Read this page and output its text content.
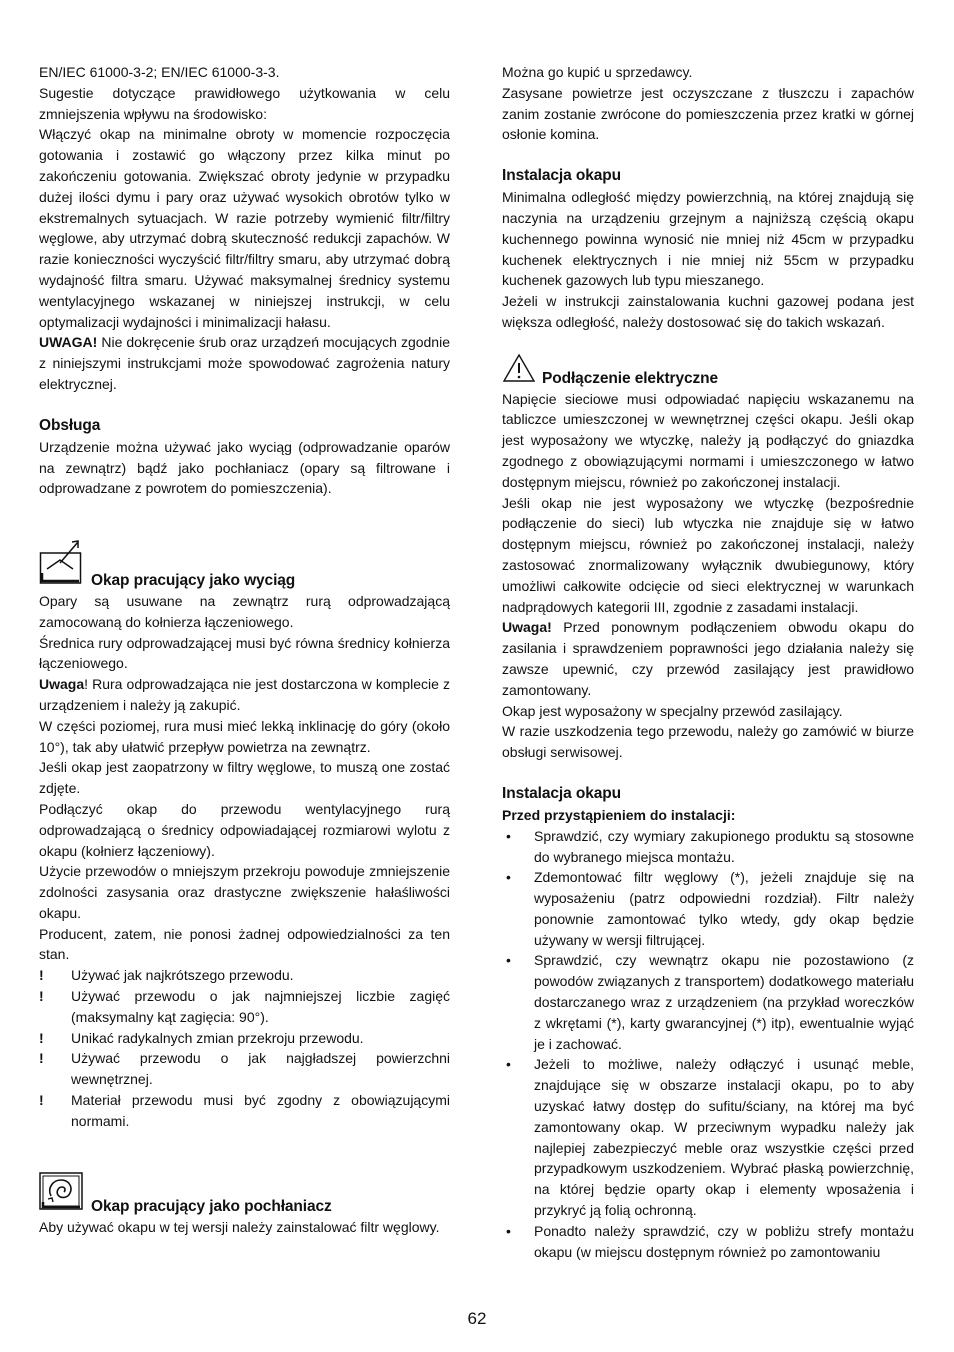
EN/IEC 61000-3-2; EN/IEC 61000-3-3.

Sugestie dotyczące prawidłowego użytkowania w celu zmniejszenia wpływu na środowisko:

Włączyć okap na minimalne obroty w momencie rozpoczęcia gotowania i zostawić go włączony przez kilka minut po zakończeniu gotowania. Zwiększać obroty jedynie w przypadku dużej ilości dymu i pary oraz używać wysokich obrotów tylko w ekstremalnych sytuacjach. W razie potrzeby wymienić filtr/filtry węglowe, aby utrzymać dobrą skuteczność redukcji zapachów. W razie konieczności wyczyścić filtr/filtry smaru, aby utrzymać dobrą wydajność filtra smaru. Używać maksymalnej średnicy systemu wentylacyjnego wskazanej w niniejszej instrukcji, w celu optymalizacji wydajności i minimalizacji hałasu.

UWAGA! Nie dokręcenie śrub oraz urządzeń mocujących zgodnie z niniejszymi instrukcjami może spowodować zagrożenia natury elektrycznej.

Obsługa

Urządzenie można używać jako wyciąg (odprowadzanie oparów na zewnątrz) bądź jako pochłaniacz (opary są filtrowane i odprowadzane z powrotem do pomieszczenia).

Okap pracujący jako wyciąg

Opary są usuwane na zewnątrz rurą odprowadzającą zamocowaną do kołnierza łączeniowego.

Średnica rury odprowadzającej musi być równa średnicy kołnierza łączeniowego.

Uwaga! Rura odprowadzająca nie jest dostarczona w komplecie z urządzeniem i należy ją zakupić.

W części poziomej, rura musi mieć lekką inklinację do góry (około 10°), tak aby ułatwić przepływ powietrza na zewnątrz.

Jeśli okap jest zaopatrzony w filtry węglowe, to muszą one zostać zdjęte.

Podłączyć okap do przewodu wentylacyjnego rurą odprowadzającą o średnicy odpowiadającej rozmiarowi wylotu z okapu (kołnierz łączeniowy).

Użycie przewodów o mniejszym przekroju powoduje zmniejszenie zdolności zasysania oraz drastyczne zwiększenie hałaśliwości okapu.

Producent, zatem, nie ponosi żadnej odpowiedzialności za ten stan.

! Używać jak najkrótszego przewodu.
! Używać przewodu o jak najmniejszej liczbie zagięć (maksymalny kąt zagięcia: 90°).
! Unikać radykalnych zmian przekroju przewodu.
! Używać przewodu o jak najgładszej powierzchni wewnętrznej.
! Materiał przewodu musi być zgodny z obowiązującymi normami.
Okap pracujący jako pochłaniacz

Aby używać okapu w tej wersji należy zainstalować filtr węglowy.

Można go kupić u sprzedawcy.

Zasysane powietrze jest oczyszczane z tłuszczu i zapachów zanim zostanie zwrócone do pomieszczenia przez kratki w górnej osłonie komina.

Instalacja okapu

Minimalna odległość między powierzchnią, na której znajdują się naczynia na urządzeniu grzejnym a najniższą częścią okapu kuchennego powinna wynosić nie mniej niż 45cm w przypadku kuchenek elektrycznych i nie mniej niż 55cm w przypadku kuchenek gazowych lub typu mieszanego.

Jeżeli w instrukcji zainstalowania kuchni gazowej podana jest większa odległość, należy dostosować się do takich wskazań.

Podłączenie elektryczne

Napięcie sieciowe musi odpowiadać napięciu wskazanemu na tabliczce umieszczonej w wewnętrznej części okapu. Jeśli okap jest wyposażony we wtyczkę, należy ją podłączyć do gniazdka zgodnego z obowiązującymi normami i umieszczonego w łatwo dostępnym miejscu, również po zakończonej instalacji.

Jeśli okap nie jest wyposażony we wtyczkę (bezpośrednie podłączenie do sieci) lub wtyczka nie znajduje się w łatwo dostępnym miejscu, również po zakończonej instalacji, należy zastosować znormalizowany wyłącznik dwubiegunowy, który umożliwi całkowite odcięcie od sieci elektrycznej w warunkach nadprądowych kategorii III, zgodnie z zasadami instalacji.

Uwaga! Przed ponownym podłączeniem obwodu okapu do zasilania i sprawdzeniem poprawności jego działania należy się zawsze upewnić, czy przewód zasilający jest prawidłowo zamontowany.

Okap jest wyposażony w specjalny przewód zasilający.

W razie uszkodzenia tego przewodu, należy go zamówić w biurze obsługi serwisowej.

Instalacja okapu

Przed przystąpieniem do instalacji:

• Sprawdzić, czy wymiary zakupionego produktu są stosowne do wybranego miejsca montażu.
• Zdemontować filtr węglowy (*), jeżeli znajduje się na wyposażeniu (patrz odpowiedni rozdział). Filtr należy ponownie zamontować tylko wtedy, gdy okap będzie używany w wersji filtrującej.
• Sprawdzić, czy wewnątrz okapu nie pozostawiono (z powodów związanych z transportem) dodatkowego materiału dostarczanego wraz z urządzeniem (na przykład woreczków z wkrętami (*), karty gwarancyjnej (*) itp), ewentualnie wyjąć je i zachować.
• Jeżeli to możliwe, należy odłączyć i usunąć meble, znajdujące się w obszarze instalacji okapu, po to aby uzyskać łatwy dostęp do sufitu/ściany, na której ma być zamontowany okap. W przeciwnym wypadku należy jak najlepiej zabezpieczyć meble oraz wszystkie części przed przypadkowym uszkodzeniem. Wybrać płaską powierzchnię, na której będzie oparty okap i elementy wposażenia i przykryć ją folią ochronną.
• Ponadto należy sprawdzić, czy w pobliżu strefy montażu okapu (w miejscu dostępnym również po zamontowaniu
62
